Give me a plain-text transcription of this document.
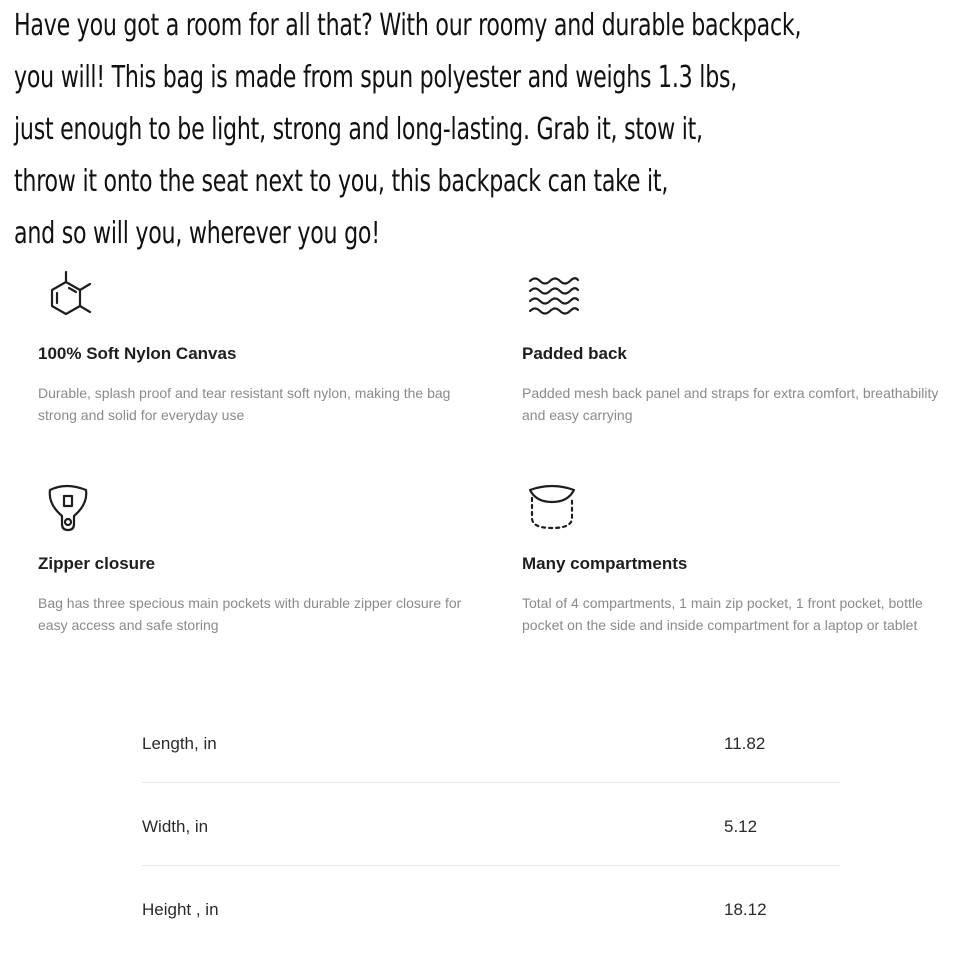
Have you got a room for all that? With our roomy and durable backpack,
you will! This bag is made from spun polyester and weighs 1.3 lbs,
just enough to be light, strong and long-lasting. Grab it, stow it,
throw it onto the seat next to you, this backpack can take it,
and so will you, wherever you go!
100% Soft Nylon Canvas
Durable, splash proof and tear resistant soft nylon, making the bag strong and solid for everyday use
Padded back
Padded mesh back panel and straps for extra comfort, breathability and easy carrying
Zipper closure
Bag has three specious main pockets with durable zipper closure for easy access and safe storing
Many compartments
Total of 4 compartments, 1 main zip pocket, 1 front pocket, bottle pocket on the side and inside compartment for a laptop or tablet
Length, in	11.82
Width, in	5.12
Height , in	18.12
